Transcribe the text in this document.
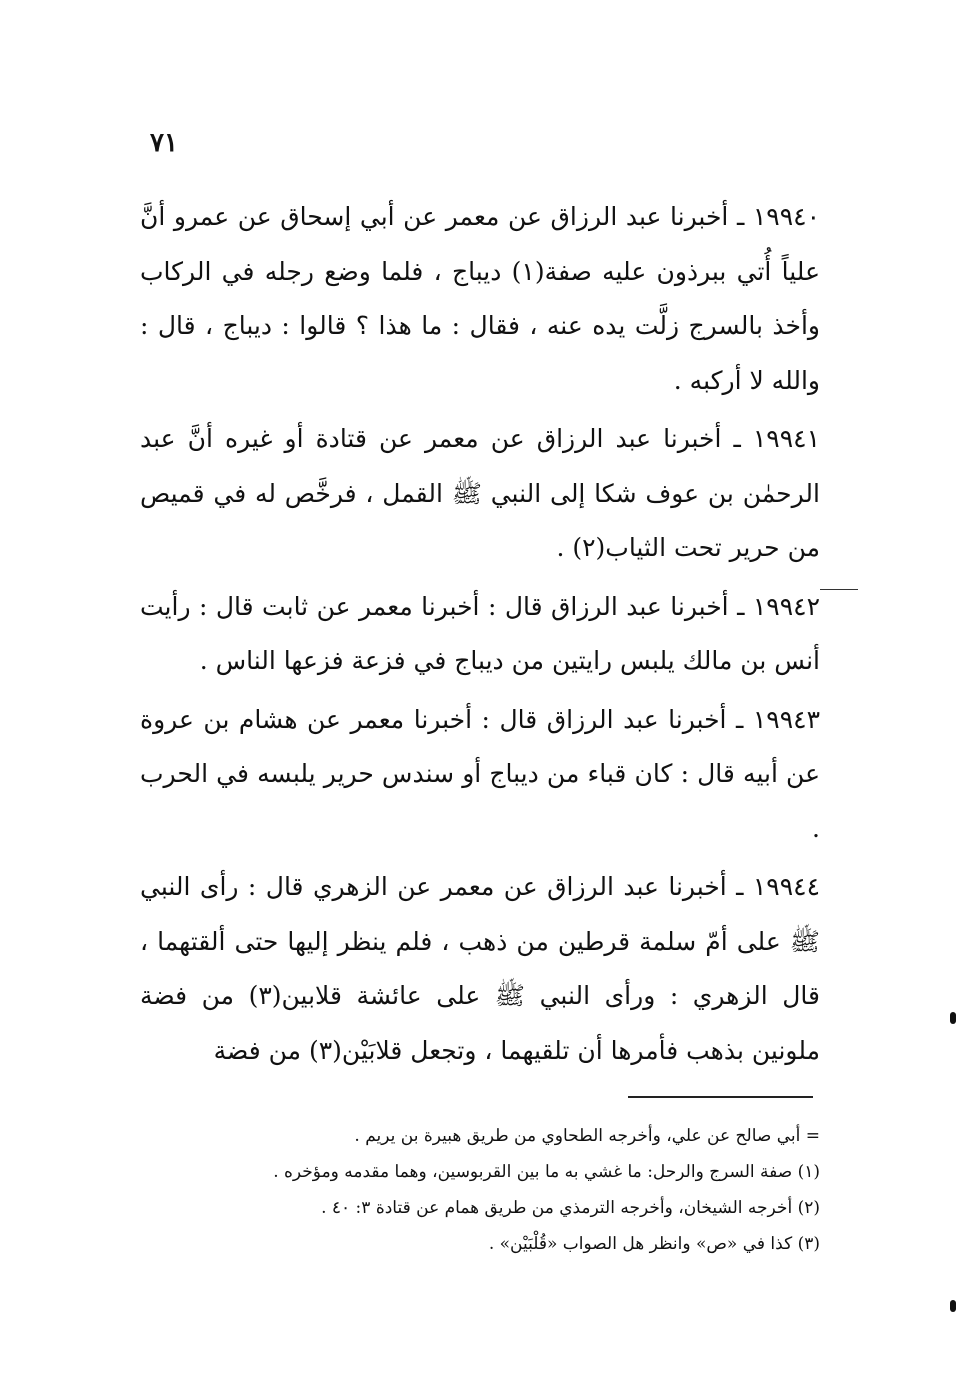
٧١

١٩٩٤٠ ـ أخبرنا عبد الرزاق عن معمر عن أبي إسحاق عن عمرو أنَّ علياً أُتي ببرذون عليه صفة(١) ديباج ، فلما وضع رجله في الركاب وأخذ بالسرج زلَّت يده عنه ، فقال : ما هذا ؟ قالوا : ديباج ، قال : والله لا أركبه .

١٩٩٤١ ـ أخبرنا عبد الرزاق عن معمر عن قتادة أو غيره أنَّ عبد الرحمٰن بن عوف شكا إلى النبي ﷺ القمل ، فرخَّص له في قميص من حرير تحت الثياب(٢) .

١٩٩٤٢ ـ أخبرنا عبد الرزاق قال : أخبرنا معمر عن ثابت قال : رأيت أنس بن مالك يلبس رايتين من ديباج في فزعة فزعها الناس .

١٩٩٤٣ ـ أخبرنا عبد الرزاق قال : أخبرنا معمر عن هشام بن عروة عن أبيه قال : كان قباء من ديباج أو سندس حرير يلبسه في الحرب .

١٩٩٤٤ ـ أخبرنا عبد الرزاق عن معمر عن الزهري قال : رأى النبي ﷺ على أمّ سلمة قرطين من ذهب ، فلم ينظر إليها حتى ألقتهما ، قال الزهري : ورأى النبي ﷺ على عائشة قلابين(٣) من فضة ملونين بذهب فأمرها أن تلقيهما ، وتجعل قلابَيْن(٣) من فضة

= أبي صالح عن علي، وأخرجه الطحاوي من طريق هبيرة بن يريم .
(١) صفة السرج والرحل: ما غشي به ما بين القربوسين، وهما مقدمه ومؤخره .
(٢) أخرجه الشيخان، وأخرجه الترمذي من طريق همام عن قتادة ٣: ٤٠ .
(٣) كذا في «ص» وانظر هل الصواب «قُلْبَيْن» .
